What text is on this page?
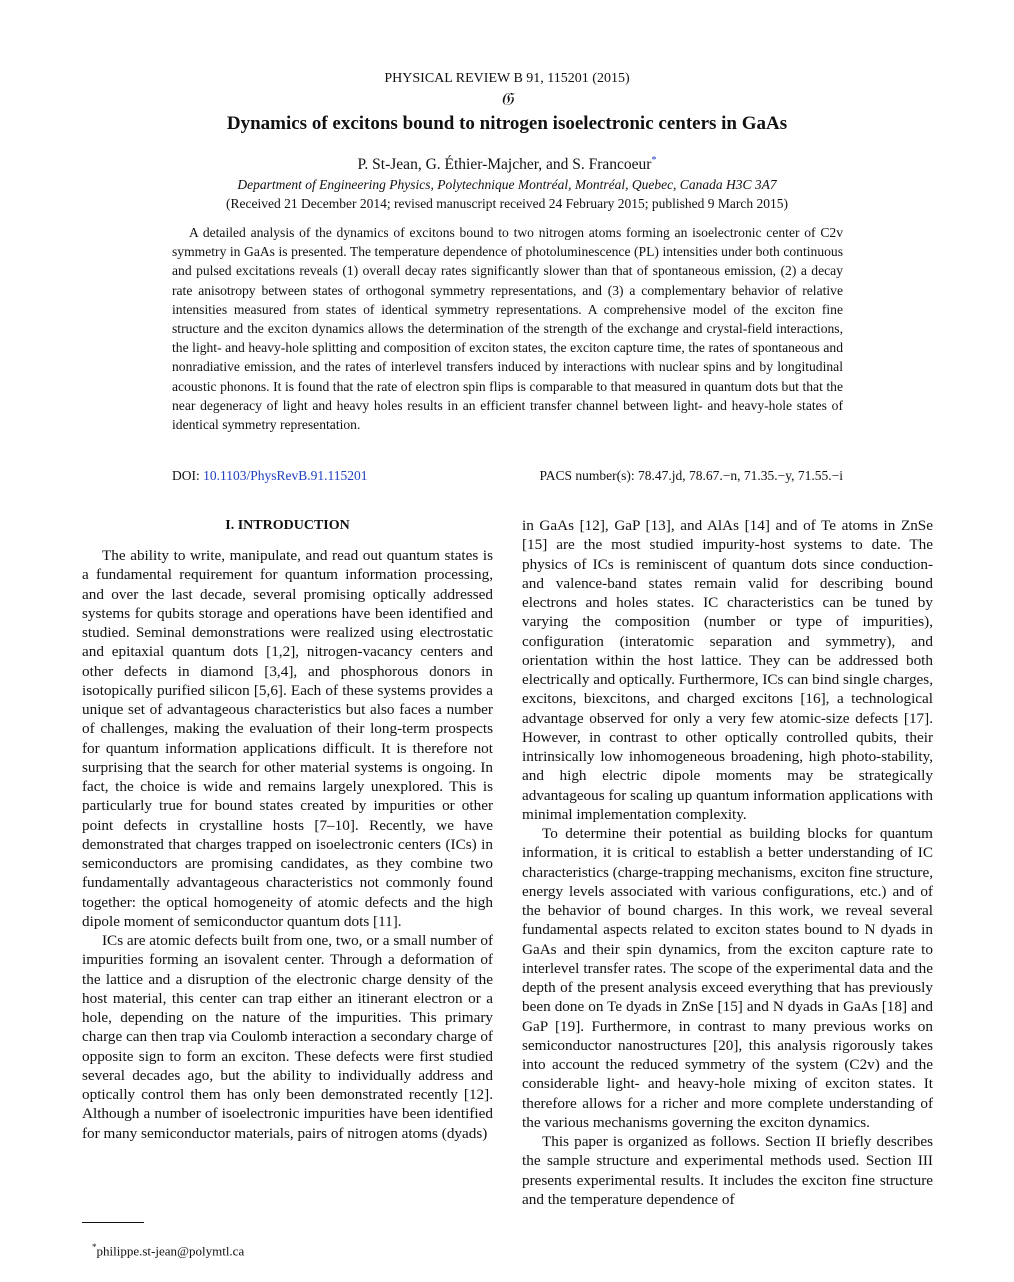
PHYSICAL REVIEW B 91, 115201 (2015)
𝔊
Dynamics of excitons bound to nitrogen isoelectronic centers in GaAs
P. St-Jean, G. Éthier-Majcher, and S. Francoeur*
Department of Engineering Physics, Polytechnique Montréal, Montréal, Quebec, Canada H3C 3A7
(Received 21 December 2014; revised manuscript received 24 February 2015; published 9 March 2015)
A detailed analysis of the dynamics of excitons bound to two nitrogen atoms forming an isoelectronic center of C2v symmetry in GaAs is presented. The temperature dependence of photoluminescence (PL) intensities under both continuous and pulsed excitations reveals (1) overall decay rates significantly slower than that of spontaneous emission, (2) a decay rate anisotropy between states of orthogonal symmetry representations, and (3) a complementary behavior of relative intensities measured from states of identical symmetry representations. A comprehensive model of the exciton fine structure and the exciton dynamics allows the determination of the strength of the exchange and crystal-field interactions, the light- and heavy-hole splitting and composition of exciton states, the exciton capture time, the rates of spontaneous and nonradiative emission, and the rates of interlevel transfers induced by interactions with nuclear spins and by longitudinal acoustic phonons. It is found that the rate of electron spin flips is comparable to that measured in quantum dots but that the near degeneracy of light and heavy holes results in an efficient transfer channel between light- and heavy-hole states of identical symmetry representation.
DOI: 10.1103/PhysRevB.91.115201	PACS number(s): 78.47.jd, 78.67.−n, 71.35.−y, 71.55.−i

I. INTRODUCTION

The ability to write, manipulate, and read out quantum states is a fundamental requirement for quantum information processing, and over the last decade, several promising optically addressed systems for qubits storage and operations have been identified and studied. Seminal demonstrations were realized using electrostatic and epitaxial quantum dots [1,2], nitrogen-vacancy centers and other defects in diamond [3,4], and phosphorous donors in isotopically purified silicon [5,6]. Each of these systems provides a unique set of advantageous characteristics but also faces a number of challenges, making the evaluation of their long-term prospects for quantum information applications difficult. It is therefore not surprising that the search for other material systems is ongoing. In fact, the choice is wide and remains largely unexplored. This is particularly true for bound states created by impurities or other point defects in crystalline hosts [7–10]. Recently, we have demonstrated that charges trapped on isoelectronic centers (ICs) in semiconductors are promising candidates, as they combine two fundamentally advantageous characteristics not commonly found together: the optical homogeneity of atomic defects and the high dipole moment of semiconductor quantum dots [11].

ICs are atomic defects built from one, two, or a small number of impurities forming an isovalent center. Through a deformation of the lattice and a disruption of the electronic charge density of the host material, this center can trap either an itinerant electron or a hole, depending on the nature of the impurities. This primary charge can then trap via Coulomb interaction a secondary charge of opposite sign to form an exciton. These defects were first studied several decades ago, but the ability to individually address and optically control them has only been demonstrated recently [12]. Although a number of isoelectronic impurities have been identified for many semiconductor materials, pairs of nitrogen atoms (dyads)

in GaAs [12], GaP [13], and AlAs [14] and of Te atoms in ZnSe [15] are the most studied impurity-host systems to date. The physics of ICs is reminiscent of quantum dots since conduction- and valence-band states remain valid for describing bound electrons and holes states. IC characteristics can be tuned by varying the composition (number or type of impurities), configuration (interatomic separation and symmetry), and orientation within the host lattice. They can be addressed both electrically and optically. Furthermore, ICs can bind single charges, excitons, biexcitons, and charged excitons [16], a technological advantage observed for only a very few atomic-size defects [17]. However, in contrast to other optically controlled qubits, their intrinsically low inhomogeneous broadening, high photo-stability, and high electric dipole moments may be strategically advantageous for scaling up quantum information applications with minimal implementation complexity.

To determine their potential as building blocks for quantum information, it is critical to establish a better understanding of IC characteristics (charge-trapping mechanisms, exciton fine structure, energy levels associated with various configurations, etc.) and of the behavior of bound charges. In this work, we reveal several fundamental aspects related to exciton states bound to N dyads in GaAs and their spin dynamics, from the exciton capture rate to interlevel transfer rates. The scope of the experimental data and the depth of the present analysis exceed everything that has previously been done on Te dyads in ZnSe [15] and N dyads in GaAs [18] and GaP [19]. Furthermore, in contrast to many previous works on semiconductor nanostructures [20], this analysis rigorously takes into account the reduced symmetry of the system (C2v) and the considerable light- and heavy-hole mixing of exciton states. It therefore allows for a richer and more complete understanding of the various mechanisms governing the exciton dynamics.

This paper is organized as follows. Section II briefly describes the sample structure and experimental methods used. Section III presents experimental results. It includes the exciton fine structure and the temperature dependence of

*philippe.st-jean@polymtl.ca
